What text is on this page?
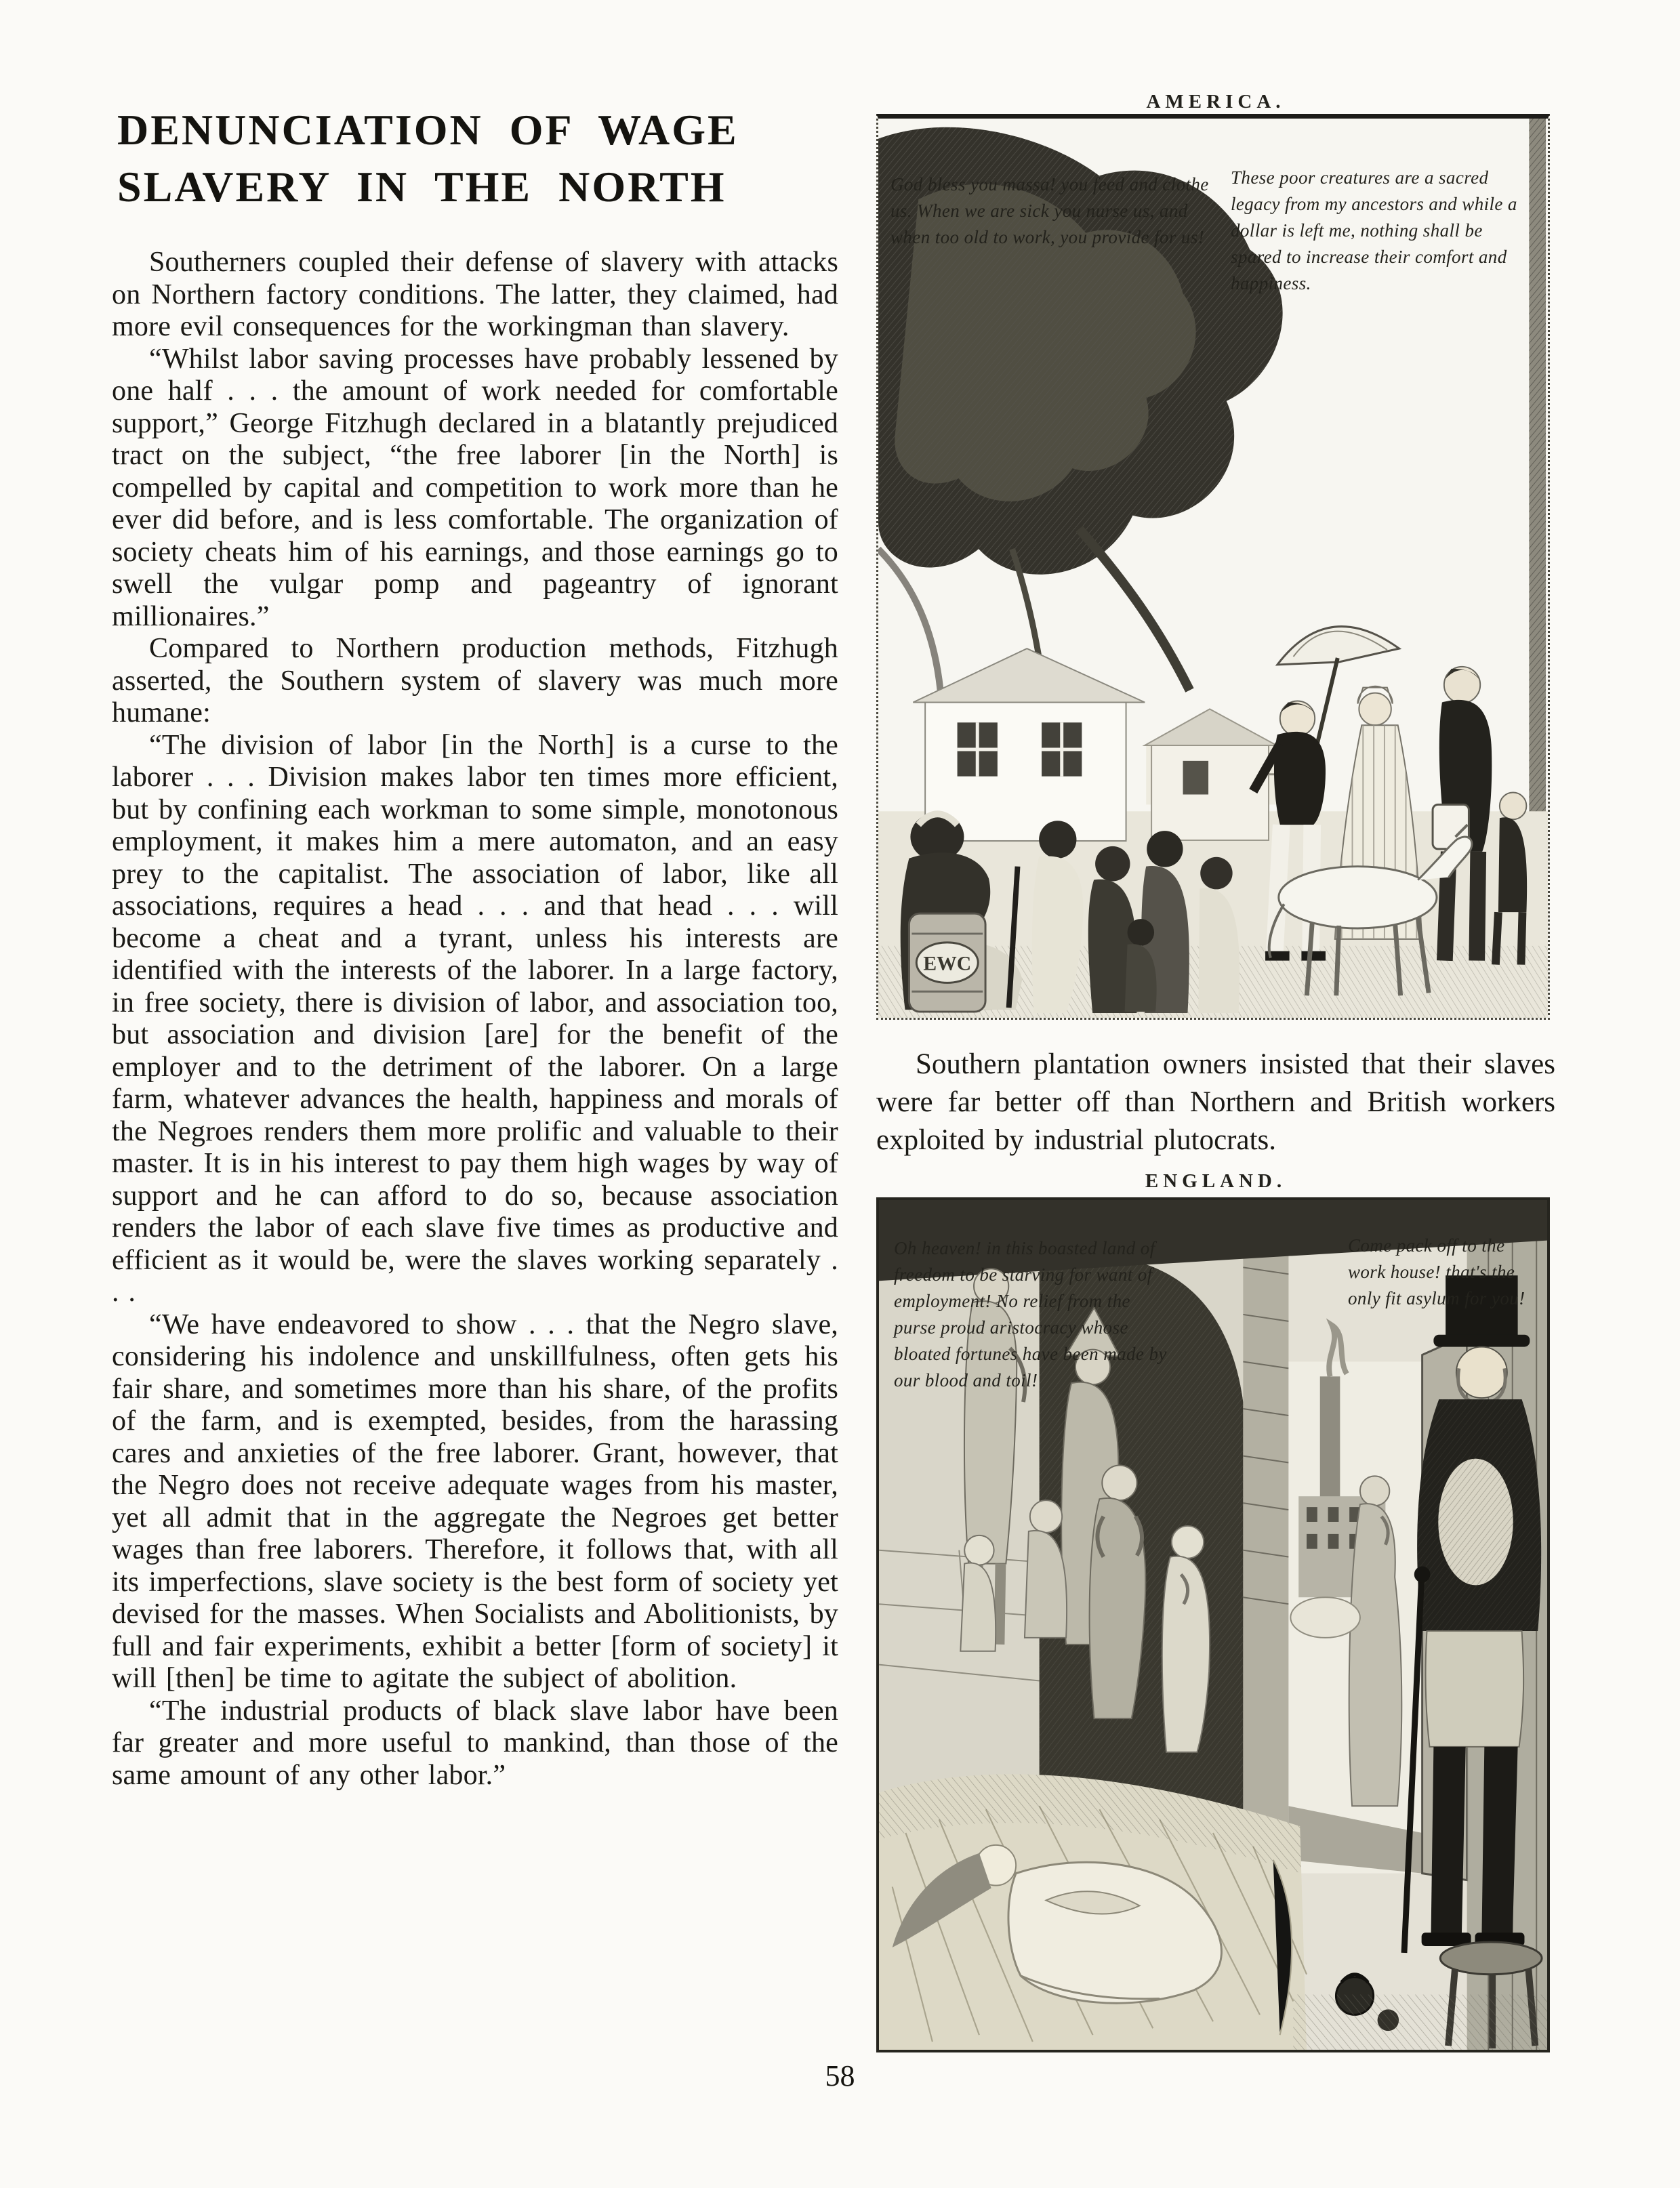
DENUNCIATION OF WAGE
SLAVERY IN THE NORTH

Southerners coupled their defense of slavery with attacks on Northern factory conditions. The latter, they claimed, had more evil consequences for the workingman than slavery.

“Whilst labor saving processes have probably lessened by one half . . . the amount of work needed for comfortable support,” George Fitzhugh declared in a blatantly prejudiced tract on the subject, “the free laborer [in the North] is compelled by capital and competition to work more than he ever did before, and is less comfortable. The organization of society cheats him of his earnings, and those earnings go to swell the vulgar pomp and pageantry of ignorant millionaires.”

Compared to Northern production methods, Fitzhugh asserted, the Southern system of slavery was much more humane:

“The division of labor [in the North] is a curse to the laborer . . . Division makes labor ten times more efficient, but by confining each workman to some simple, monotonous employment, it makes him a mere automaton, and an easy prey to the capitalist. The association of labor, like all associations, requires a head . . . and that head . . . will become a cheat and a tyrant, unless his interests are identified with the interests of the laborer. In a large factory, in free society, there is division of labor, and association too, but association and division [are] for the benefit of the employer and to the detriment of the laborer. On a large farm, whatever advances the health, happiness and morals of the Negroes renders them more prolific and valuable to their master. It is in his interest to pay them high wages by way of support and he can afford to do so, because association renders the labor of each slave five times as productive and efficient as it would be, were the slaves working separately . . .

“We have endeavored to show . . . that the Negro slave, considering his indolence and unskillfulness, often gets his fair share, and sometimes more than his share, of the profits of the farm, and is exempted, besides, from the harassing cares and anxieties of the free laborer. Grant, however, that the Negro does not receive adequate wages from his master, yet all admit that in the aggregate the Negroes get better wages than free laborers. Therefore, it follows that, with all its imperfections, slave society is the best form of society yet devised for the masses. When Socialists and Abolitionists, by full and fair experiments, exhibit a better [form of society] it will [then] be time to agitate the subject of abolition.

“The industrial products of black slave labor have been far greater and more useful to mankind, than those of the same amount of any other labor.”

AMERICA.

EWC
God bless you massa! you feed and clothe us. When we are sick you nurse us, and when too old to work, you provide for us!
These poor creatures are a sacred legacy from my ancestors and while a dollar is left me, nothing shall be spared to increase their comfort and happiness.

Southern plantation owners insisted that their slaves were far better off than Northern and British workers exploited by industrial plutocrats.

ENGLAND.

Oh heaven! in this boasted land of freedom to be starving for want of employment! No relief from the purse proud aristocracy whose bloated fortunes have been made by our blood and toil!
Come pack off to the work house! that's the only fit asylum for you!
58
